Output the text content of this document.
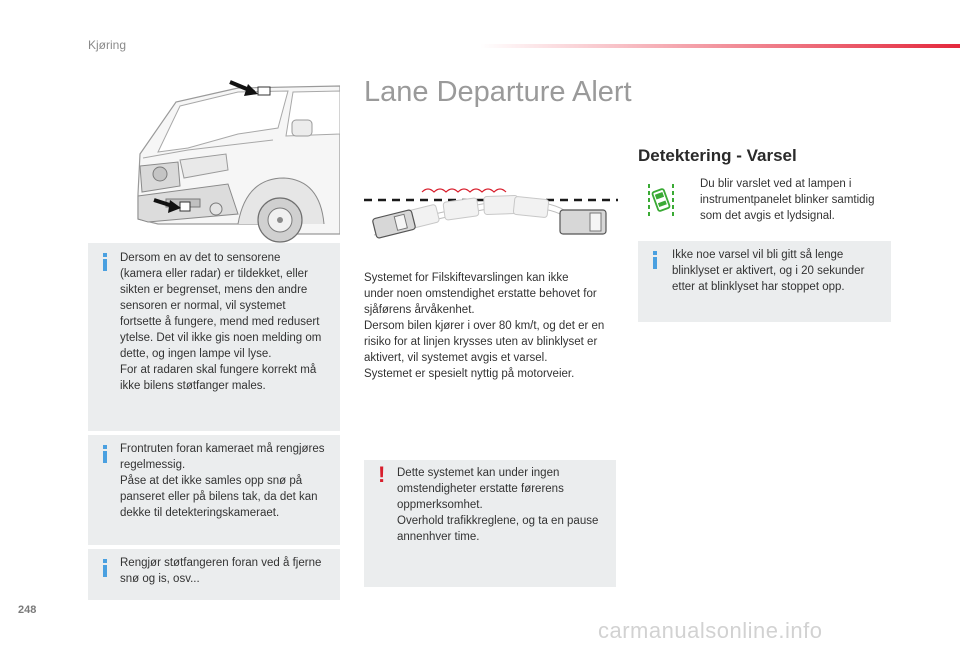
Kjøring
Lane Departure Alert
Dersom en av det to sensorene
(kamera eller radar) er tildekket, eller
sikten er begrenset, mens den andre
sensoren er normal, vil systemet
fortsette å fungere, mend med redusert
ytelse. Det vil ikke gis noen melding om
dette, og ingen lampe vil lyse.
For at radaren skal fungere korrekt må
ikke bilens støtfanger males.
Frontruten foran kameraet må rengjøres
regelmessig.
Påse at det ikke samles opp snø på
panseret eller på bilens tak, da det kan
dekke til detekteringskameraet.
Rengjør støtfangeren foran ved å fjerne
snø og is, osv...
Systemet for Filskiftevarslingen kan ikke
under noen omstendighet erstatte behovet for
sjåførens årvåkenhet.
Dersom bilen kjører i over 80 km/t, og det er en
risiko for at linjen krysses uten av blinklyset er
aktivert, vil systemet avgis et varsel.
Systemet er spesielt nyttig på motorveier.
! Dette systemet kan under ingen
omstendigheter erstatte førerens
oppmerksomhet.
Overhold trafikkreglene, og ta en pause
annenhver time.
Detektering - Varsel
Du blir varslet ved at lampen i
instrumentpanelet blinker samtidig
som det avgis et lydsignal.
Ikke noe varsel vil bli gitt så lenge
blinklyset er aktivert, og i 20 sekunder
etter at blinklyset har stoppet opp.
248
carmanualsonline.info
